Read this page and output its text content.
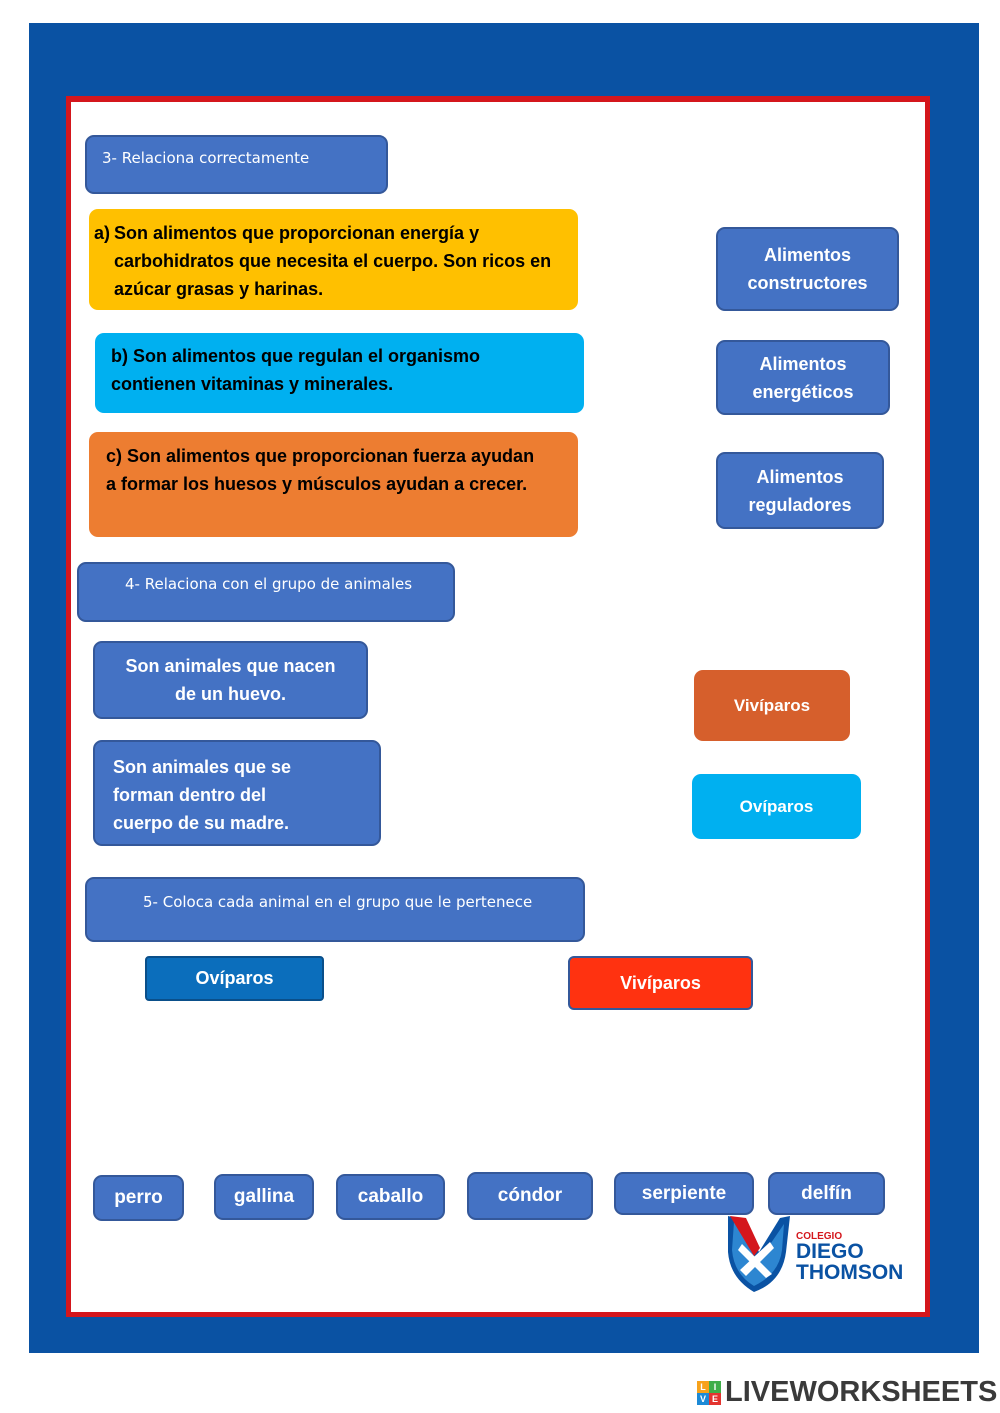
3- Relaciona correctamente
a) Son alimentos que proporcionan energía y carbohidratos que necesita el cuerpo. Son ricos en azúcar grasas y harinas.
b) Son alimentos que regulan el organismo contienen vitaminas y minerales.
c) Son alimentos que proporcionan fuerza ayudan a formar los huesos y músculos ayudan a crecer.
Alimentos constructores
Alimentos energéticos
Alimentos reguladores
4- Relaciona con el grupo de animales
Son animales que nacen de un huevo.
Son animales que se forman dentro del cuerpo de su madre.
Vivíparos
Ovíparos
5- Coloca cada animal en el grupo que le pertenece
Ovíparos	Vivíparos
perro	gallina	caballo	cóndor	serpiente	delfín
COLEGIO
DIEGO
THOMSON
L I
V E LIVEWORKSHEETS
